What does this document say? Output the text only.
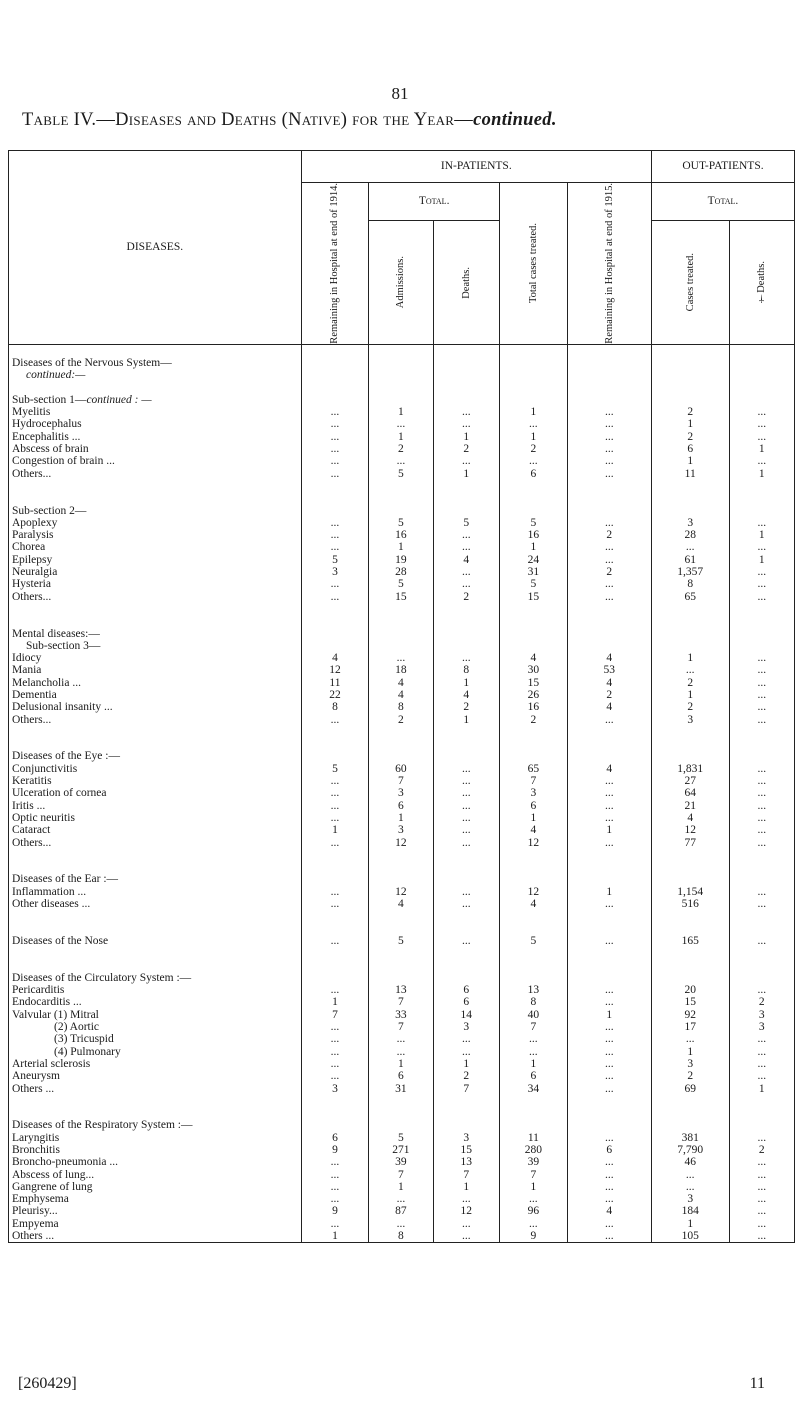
81
Table IV.—Diseases and Deaths (Native) for the Year—continued.
DISEASES.	IN-PATIENTS.					OUT-PATIENTS.	

	Remaining in Hospital at end of 1914.	Total.		Total cases treated.	Remaining in Hospital at end of 1915.	Total.	

		Admissions.	Deaths.			Cases treated.	†Deaths.

Diseases of the Nervous System—							
continued:—							

Sub-section 1—continued : —							
Myelitis	...	1	...	1	...	2	...
Hydrocephalus	...	...	...	...	...	1	...
Encephalitis ...	...	1	1	1	...	2	...
Abscess of brain	...	2	2	2	...	6	1
Congestion of brain ...	...	...	...	...	...	1	...
Others...	...	5	1	6	...	11	1

Sub-section 2—							
Apoplexy	...	5	5	5	...	3	...
Paralysis	...	16	...	16	2	28	1
Chorea	...	1	...	1	...	...	...
Epilepsy	5	19	4	24	...	61	1
Neuralgia	3	28	...	31	2	1,357	...
Hysteria	...	5	...	5	...	8	...
Others...	...	15	2	15	...	65	...

Mental diseases:—							
Sub-section 3—							
Idiocy	4	...	...	4	4	1	...
Mania	12	18	8	30	53	...	...
Melancholia ...	11	4	1	15	4	2	...
Dementia	22	4	4	26	2	1	...
Delusional insanity ...	8	8	2	16	4	2	...
Others...	...	2	1	2	...	3	...

Diseases of the Eye :—							
Conjunctivitis	5	60	...	65	4	1,831	...
Keratitis	...	7	...	7	...	27	...
Ulceration of cornea	...	3	...	3	...	64	...
Iritis ...	...	6	...	6	...	21	...
Optic neuritis	...	1	...	1	...	4	...
Cataract	1	3	...	4	1	12	...
Others...	...	12	...	12	...	77	...

Diseases of the Ear :—							
Inflammation ...	...	12	...	12	1	1,154	...
Other diseases ...	...	4	...	4	...	516	...

Diseases of the Nose	...	5	...	5	...	165	...

Diseases of the Circulatory System :—							
Pericarditis	...	13	6	13	...	20	...
Endocarditis ...	1	7	6	8	...	15	2
Valvular (1) Mitral	7	33	14	40	1	92	3
(2) Aortic	...	7	3	7	...	17	3
(3) Tricuspid	...	...	...	...	...	...	...
(4) Pulmonary	...	...	...	...	...	1	...
Arterial sclerosis	...	1	1	1	...	3	...
Aneurysm	...	6	2	6	...	2	...
Others ...	3	31	7	34	...	69	1

Diseases of the Respiratory System :—							
Laryngitis	6	5	3	11	...	381	...
Bronchitis	9	271	15	280	6	7,790	2
Broncho-pneumonia ...	...	39	13	39	...	46	...
Abscess of lung...	...	7	7	7	...	...	...
Gangrene of lung	...	1	1	1	...	...	...
Emphysema	...	...	...	...	...	3	...
Pleurisy...	9	87	12	96	4	184	...
Empyema	...	...	...	...	...	1	...
Others ...	1	8	...	9	...	105	...
[260429]	11
